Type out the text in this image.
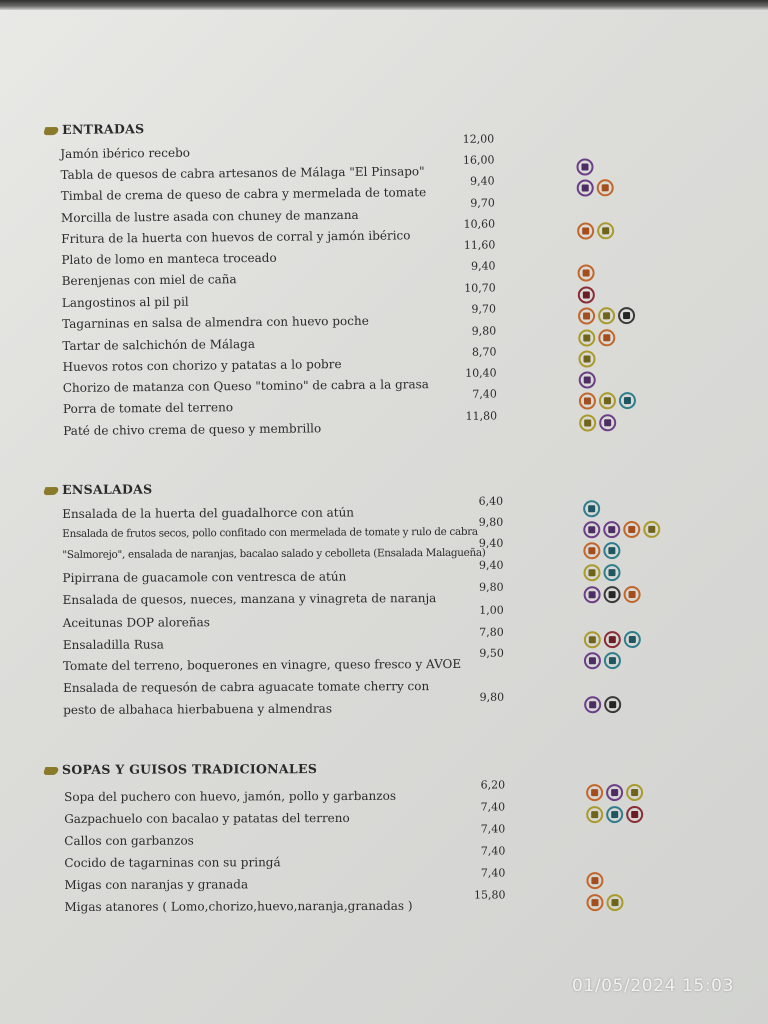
ENTRADAS
Jamón ibérico recebo
12,00
Tabla de quesos de cabra artesanos de Málaga "El Pinsapo"
16,00
Timbal de crema de queso de cabra y mermelada de tomate
9,40
Morcilla de lustre asada con chuney de manzana
9,70
Fritura de la huerta con huevos de corral y jamón ibérico
10,60
Plato de lomo en manteca troceado
11,60
Berenjenas con miel de caña
9,40
Langostinos al pil pil
10,70
Tagarninas en salsa de almendra con huevo poche
9,70
Tartar de salchichón de Málaga
9,80
Huevos rotos con chorizo y patatas a lo pobre
8,70
Chorizo de matanza con Queso "tomino" de cabra a la grasa
10,40
Porra de tomate del terreno
7,40
Paté de chivo crema de queso y membrillo
11,80
ENSALADAS
Ensalada de la huerta del guadalhorce con atún
6,40
Ensalada de frutos secos, pollo confitado con mermelada de tomate y rulo de cabra
9,80
"Salmorejo", ensalada de naranjas, bacalao salado y cebolleta (Ensalada Malagueña)
9,40
Pipirrana de guacamole con ventresca de atún
9,40
Ensalada de quesos, nueces, manzana y vinagreta de naranja
9,80
Aceitunas DOP aloreñas
1,00
Ensaladilla Rusa
7,80
Tomate del terreno, boquerones en vinagre, queso fresco y AVOE
9,50
Ensalada de requesón de cabra aguacate tomate cherry con
pesto de albahaca hierbabuena y almendras
9,80
SOPAS Y GUISOS TRADICIONALES
Sopa del puchero con huevo, jamón, pollo y garbanzos
6,20
Gazpachuelo con bacalao y patatas del terreno
7,40
Callos con garbanzos
7,40
Cocido de tagarninas con su pringá
7,40
Migas con naranjas y granada
7,40
Migas atanores ( Lomo,chorizo,huevo,naranja,granadas )
15,80
01/05/2024 15:03
